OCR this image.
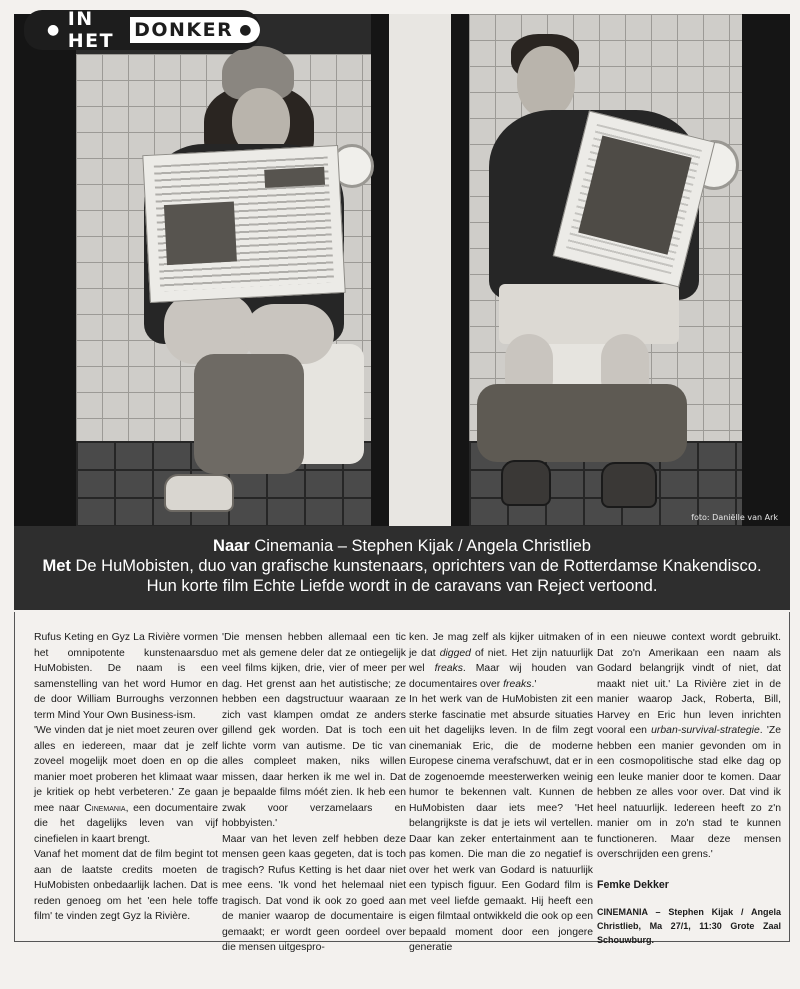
foto: Daniëlle van Ark
● IN HET	DONKER ●
Naar Cinemania – Stephen Kijak / Angela Christlieb
Met De HuMobisten, duo van grafische kunstenaars, oprichters van de Rotterdamse Knakendisco.
Hun korte film Echte Liefde wordt in de caravans van Reject vertoond.

Rufus Keting en Gyz La Rivière vormen het omnipotente kunstenaarsduo HuMobisten. De naam is een samenstelling van het word Humor en de door William Burroughs verzonnen term Mind Your Own Business-ism.

'We vinden dat je niet moet zeuren over alles en iedereen, maar dat je zelf zoveel mogelijk moet doen en op die manier moet proberen het klimaat waar je kritiek op hebt verbeteren.' Ze gaan mee naar Cinemania, een documentaire die het dagelijks leven van vijf cinefielen in kaart brengt.

Vanaf het moment dat de film begint tot aan de laatste credits moeten de HuMobisten onbedaarlijk lachen. Dat is reden genoeg om het 'een hele toffe film' te vinden zegt Gyz la Rivière.

'Die mensen hebben allemaal een tic met als gemene deler dat ze ontiegelijk veel films kijken, drie, vier of meer per dag. Het grenst aan het autistische; ze hebben een dagstructuur waaraan ze zich vast klampen omdat ze anders gillend gek worden. Dat is toch een lichte vorm van autisme. De tic van alles compleet maken, niks willen missen, daar herken ik me wel in. Dat je bepaalde films móét zien. Ik heb een zwak voor verzamelaars en hobbyisten.'

Maar van het leven zelf hebben deze mensen geen kaas gegeten, dat is toch tragisch? Rufus Ketting is het daar niet mee eens. 'Ik vond het helemaal niet tragisch. Dat vond ik ook zo goed aan de manier waarop de documentaire is gemaakt; er wordt geen oordeel over die mensen uitgespro-

ken. Je mag zelf als kijker uitmaken of je dat digged of niet. Het zijn natuurlijk wel freaks. Maar wij houden van documentaires over freaks.'

In het werk van de HuMobisten zit een sterke fascinatie met absurde situaties uit het dagelijks leven. In de film zegt cinemaniak Eric, die de moderne Europese cinema verafschuwt, dat er in de zogenoemde meesterwerken weinig humor te bekennen valt. Kunnen de HuMobisten daar iets mee? 'Het belangrijkste is dat je iets wil vertellen. Daar kan zeker entertainment aan te pas komen. Die man die zo negatief is over het werk van Godard is natuurlijk een typisch figuur. Een Godard film is met veel liefde gemaakt. Hij heeft een eigen filmtaal ontwikkeld die ook op een bepaald moment door een jongere generatie

in een nieuwe context wordt gebruikt. Dat zo'n Amerikaan een naam als Godard belangrijk vindt of niet, dat maakt niet uit.' La Rivière ziet in de manier waarop Jack, Roberta, Bill, Harvey en Eric hun leven inrichten vooral een urban-survival-strategie. 'Ze hebben een manier gevonden om in een cosmopolitische stad elke dag op een leuke manier door te komen. Daar hebben ze alles voor over. Dat vind ik heel natuurlijk. Iedereen heeft zo z'n manier om in zo'n stad te kunnen functioneren. Maar deze mensen overschrijden een grens.'

Femke Dekker

CINEMANIA – Stephen Kijak / Angela Christlieb, Ma 27/1, 11:30 Grote Zaal Schouwburg.
